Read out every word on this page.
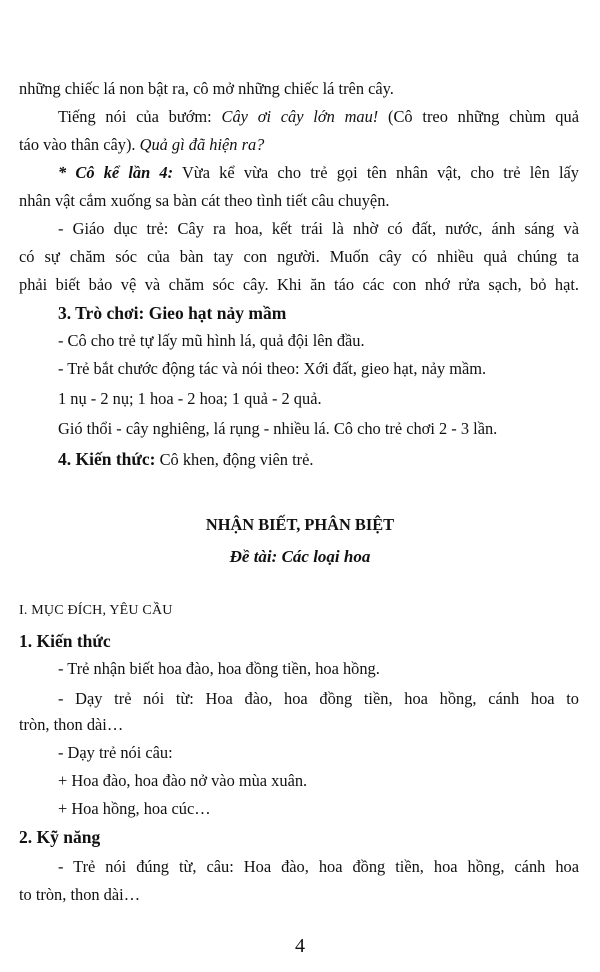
những chiếc lá non bật ra, cô mở những chiếc lá trên cây.
Tiếng nói của bướm: Cây ơi cây lớn mau! (Cô treo những chùm quả
táo vào thân cây). Quả gì đã hiện ra?
* Cô kể lần 4: Vừa kể vừa cho trẻ gọi tên nhân vật, cho trẻ lên lấy
nhân vật cắm xuống sa bàn cát theo tình tiết câu chuyện.
- Giáo dục trẻ: Cây ra hoa, kết trái là nhờ có đất, nước, ánh sáng và
có sự chăm sóc của bàn tay con người. Muốn cây có nhiều quả chúng ta
phải biết bảo vệ và chăm sóc cây. Khi ăn táo các con nhớ rửa sạch, bỏ hạt.
3. Trò chơi: Gieo hạt nảy mầm
- Cô cho trẻ tự lấy mũ hình lá, quả đội lên đầu.
- Trẻ bắt chước động tác và nói theo: Xới đất, gieo hạt, nảy mầm.
1 nụ - 2 nụ; 1 hoa - 2 hoa; 1 quả - 2 quả.
Gió thổi - cây nghiêng, lá rụng - nhiều lá. Cô cho trẻ chơi 2 - 3 lần.
4. Kiến thức: Cô khen, động viên trẻ.
NHẬN BIẾT, PHÂN BIỆT
Đề tài: Các loại hoa
I. MỤC ĐÍCH, YÊU CẦU
1. Kiến thức
- Trẻ nhận biết hoa đào, hoa đồng tiền, hoa hồng.
- Dạy trẻ nói từ: Hoa đào, hoa đồng tiền, hoa hồng, cánh hoa to
tròn, thon dài…
- Dạy trẻ nói câu:
+ Hoa đào, hoa đào nở vào mùa xuân.
+ Hoa hồng, hoa cúc…
2. Kỹ năng
- Trẻ nói đúng từ, câu: Hoa đào, hoa đồng tiền, hoa hồng, cánh hoa
to tròn, thon dài…
4
